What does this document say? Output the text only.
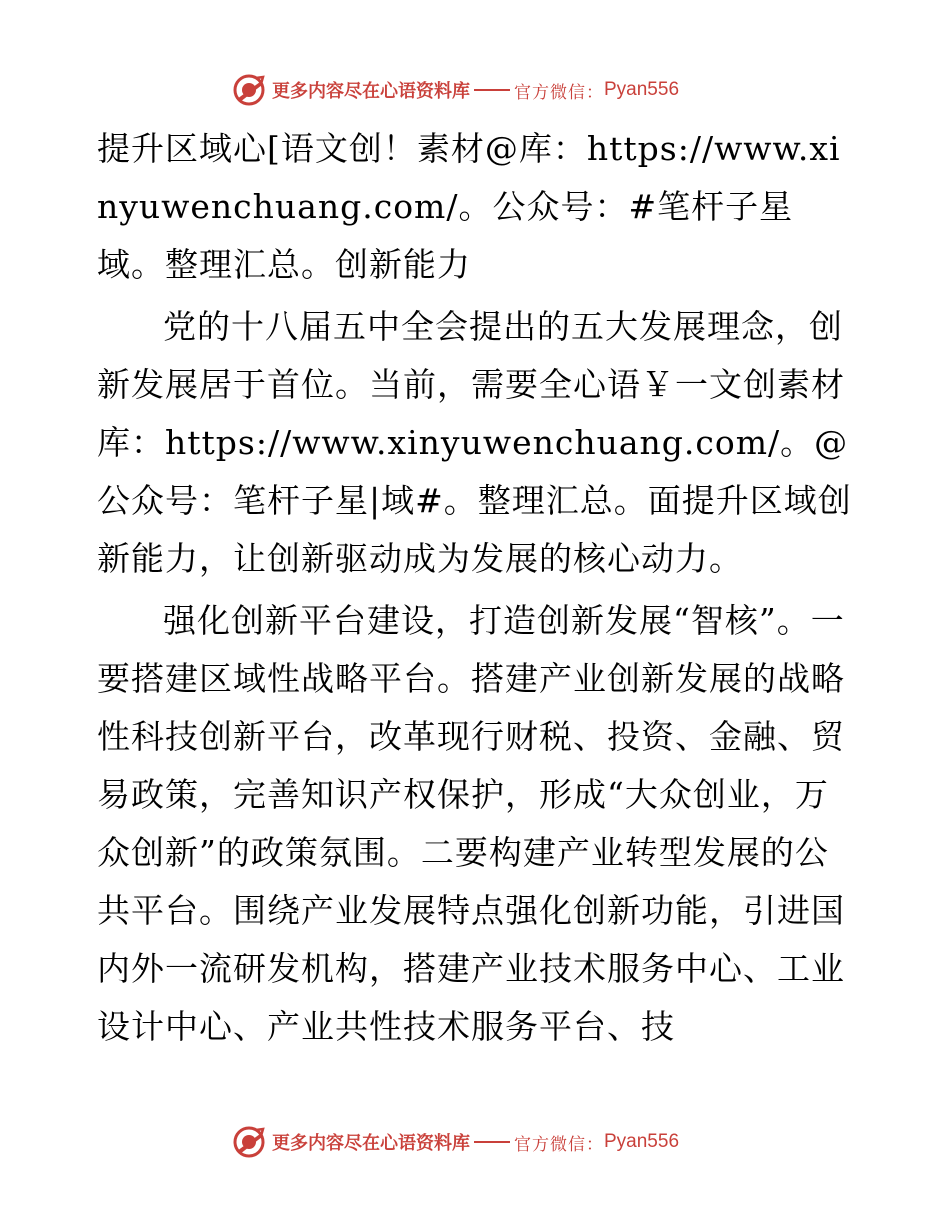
更多内容尽在心语资料库	官方微信： Pyan556

提升区域心[语文创！素材@库：https://www.xinyuwenchuang.com/。公众号：#笔杆子星域。整理汇总。创新能力

党的十八届五中全会提出的五大发展理念，创新发展居于首位。当前，需要全心语￥一文创素材库：https://www.xinyuwenchuang.com/。@公众号：笔杆子星|域#。整理汇总。面提升区域创新能力，让创新驱动成为发展的核心动力。

强化创新平台建设，打造创新发展“智核”。一要搭建区域性战略平台。搭建产业创新发展的战略性科技创新平台，改革现行财税、投资、金融、贸易政策，完善知识产权保护，形成“大众创业，万众创新”的政策氛围。二要构建产业转型发展的公共平台。围绕产业发展特点强化创新功能，引进国内外一流研发机构，搭建产业技术服务中心、工业设计中心、产业共性技术服务平台、技

更多内容尽在心语资料库	官方微信： Pyan556
